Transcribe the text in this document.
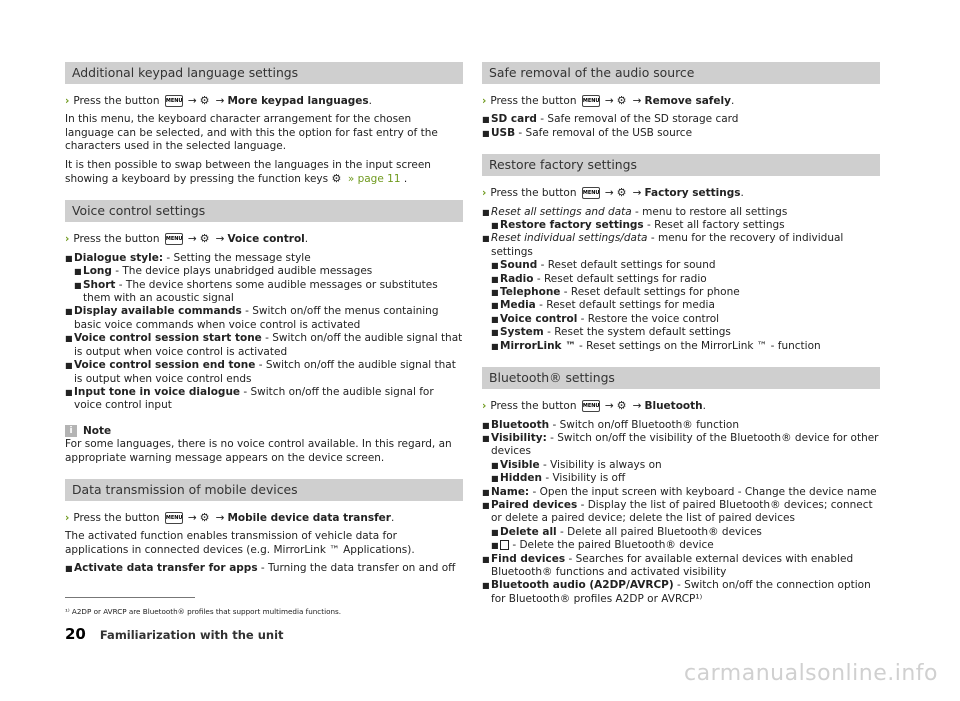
Additional keypad language settings
› Press the button MENU → ⚙ → More keypad languages.
In this menu, the keyboard character arrangement for the chosen language can be selected, and with this the option for fast entry of the characters used in the selected language.
It is then possible to swap between the languages in the input screen showing a keyboard by pressing the function keys ⚙ » page 11 .
Voice control settings
› Press the button MENU → ⚙ → Voice control.
■ Dialogue style: - Setting the message style
■ Long - The device plays unabridged audible messages
■ Short - The device shortens some audible messages or substitutes them with an acoustic signal
■ Display available commands - Switch on/off the menus containing basic voice commands when voice control is activated
■ Voice control session start tone - Switch on/off the audible signal that is output when voice control is activated
■ Voice control session end tone - Switch on/off the audible signal that is output when voice control ends
■ Input tone in voice dialogue - Switch on/off the audible signal for voice control input
i Note
For some languages, there is no voice control available. In this regard, an appropriate warning message appears on the device screen.
Data transmission of mobile devices
› Press the button MENU → ⚙ → Mobile device data transfer.
The activated function enables transmission of vehicle data for applications in connected devices (e.g. MirrorLink ™ Applications).
■ Activate data transfer for apps - Turning the data transfer on and off
Safe removal of the audio source
› Press the button MENU → ⚙ → Remove safely.
■ SD card - Safe removal of the SD storage card
■ USB - Safe removal of the USB source
Restore factory settings
› Press the button MENU → ⚙ → Factory settings.
■ Reset all settings and data - menu to restore all settings
■ Restore factory settings - Reset all factory settings
■ Reset individual settings/data - menu for the recovery of individual settings
■ Sound - Reset default settings for sound
■ Radio - Reset default settings for radio
■ Telephone - Reset default settings for phone
■ Media - Reset default settings for media
■ Voice control - Restore the voice control
■ System - Reset the system default settings
■ MirrorLink ™ - Reset settings on the MirrorLink ™ - function
Bluetooth® settings
› Press the button MENU → ⚙ → Bluetooth.
■ Bluetooth - Switch on/off Bluetooth® function
■ Visibility: - Switch on/off the visibility of the Bluetooth® device for other devices
■ Visible - Visibility is always on
■ Hidden - Visibility is off
■ Name: - Open the input screen with keyboard - Change the device name
■ Paired devices - Display the list of paired Bluetooth® devices; connect or delete a paired device; delete the list of paired devices
■ Delete all - Delete all paired Bluetooth® devices
■ - Delete the paired Bluetooth® device
■ Find devices - Searches for available external devices with enabled Bluetooth® functions and activated visibility
■ Bluetooth audio (A2DP/AVRCP) - Switch on/off the connection option for Bluetooth® profiles A2DP or AVRCP¹⁾
¹⁾ A2DP or AVRCP are Bluetooth® profiles that support multimedia functions.
20 Familiarization with the unit
carmanualsonline.info
